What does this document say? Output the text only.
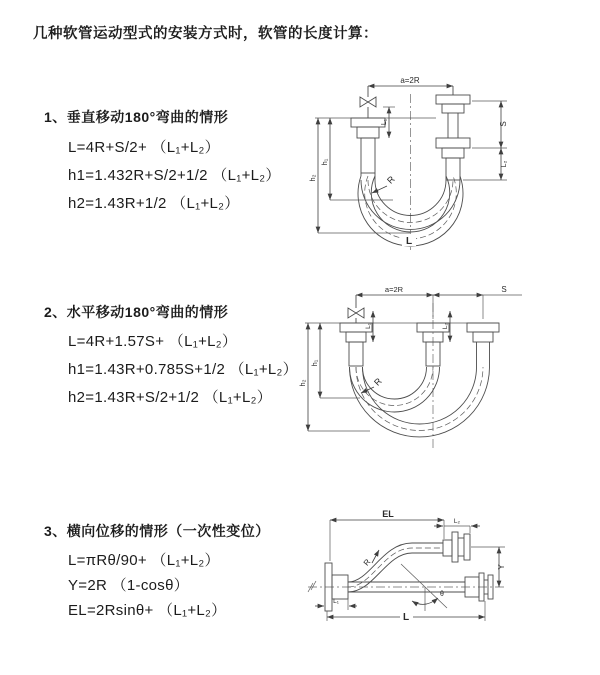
几种软管运动型式的安装方式时，软管的长度计算：
1、垂直移动180°弯曲的情形
L=4R+S/2+ （L₁+L₂）
h1=1.432R+S/2+1/2 （L₁+L₂）
h2=1.43R+1/2 （L₁+L₂）
2、水平移动180°弯曲的情形
L=4R+1.57S+ （L₁+L₂）
h1=1.43R+0.785S+1/2 （L₁+L₂）
h2=1.43R+S/2+1/2 （L₁+L₂）
3、横向位移的情形（一次性变位）
L=πRθ/90+ （L₁+L₂）
Y=2R （1-cosθ）
EL=2Rsinθ+ （L₁+L₂）
a=2R
L₁
h₁
h₂
S
L₂
R
L
a=2R	S
L₁	L₂
h₁
h₂	R
θ
EL
L₂
Y
L
L₁
R
